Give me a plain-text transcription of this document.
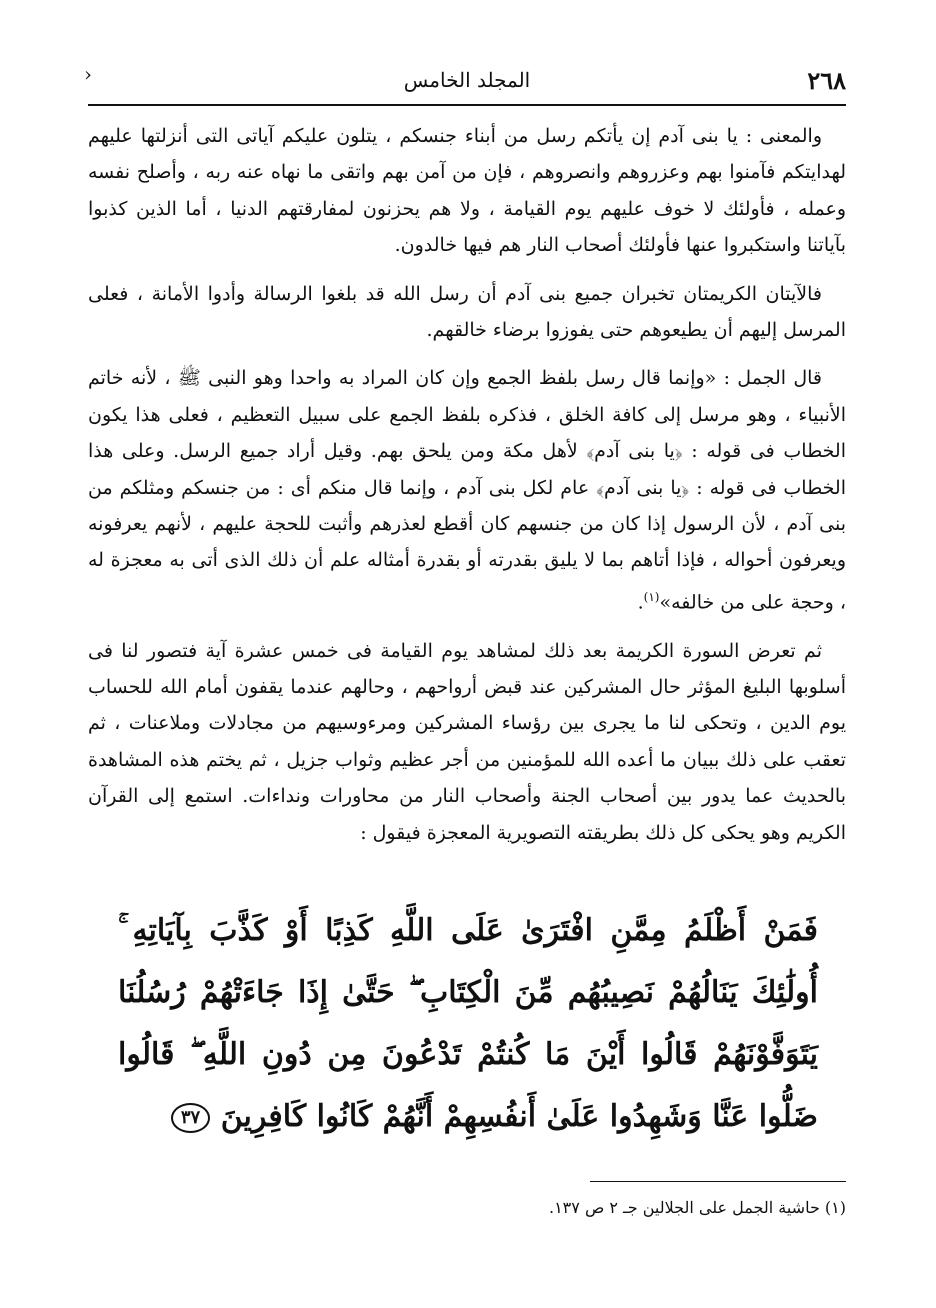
٢٦٨
المجلد الخامس
‹

والمعنى : يا بنى آدم إن يأتكم رسل من أبناء جنسكم ، يتلون عليكم آياتى التى أنزلتها عليهم لهدايتكم فآمنوا بهم وعزروهم وانصروهم ، فإن من آمن بهم واتقى ما نهاه عنه ربه ، وأصلح نفسه وعمله ، فأولئك لا خوف عليهم يوم القيامة ، ولا هم يحزنون لمفارقتهم الدنيا ، أما الذين كذبوا بآياتنا واستكبروا عنها فأولئك أصحاب النار هم فيها خالدون.

فالآيتان الكريمتان تخبران جميع بنى آدم أن رسل الله قد بلغوا الرسالة وأدوا الأمانة ، فعلى المرسل إليهم أن يطيعوهم حتى يفوزوا برضاء خالقهم.

قال الجمل : «وإنما قال رسل بلفظ الجمع وإن كان المراد به واحدا وهو النبى ﷺ ، لأنه خاتم الأنبياء ، وهو مرسل إلى كافة الخلق ، فذكره بلفظ الجمع على سبيل التعظيم ، فعلى هذا يكون الخطاب فى قوله : ﴿يا بنى آدم﴾ لأهل مكة ومن يلحق بهم. وقيل أراد جميع الرسل. وعلى هذا الخطاب فى قوله : ﴿يا بنى آدم﴾ عام لكل بنى آدم ، وإنما قال منكم أى : من جنسكم ومثلكم من بنى آدم ، لأن الرسول إذا كان من جنسهم كان أقطع لعذرهم وأثبت للحجة عليهم ، لأنهم يعرفونه ويعرفون أحواله ، فإذا أتاهم بما لا يليق بقدرته أو بقدرة أمثاله علم أن ذلك الذى أتى به معجزة له ، وحجة على من خالفه»$^{(١)}$.

ثم تعرض السورة الكريمة بعد ذلك لمشاهد يوم القيامة فى خمس عشرة آية فتصور لنا فى أسلوبها البليغ المؤثر حال المشركين عند قبض أرواحهم ، وحالهم عندما يقفون أمام الله للحساب يوم الدين ، وتحكى لنا ما يجرى بين رؤساء المشركين ومرءوسيهم من مجادلات وملاعنات ، ثم تعقب على ذلك ببيان ما أعده الله للمؤمنين من أجر عظيم وثواب جزيل ، ثم يختم هذه المشاهدة بالحديث عما يدور بين أصحاب الجنة وأصحاب النار من محاورات ونداءات. استمع إلى القرآن الكريم وهو يحكى كل ذلك بطريقته التصويرية المعجزة فيقول :

فَمَنْ أَظْلَمُ مِمَّنِ افْتَرَىٰ عَلَى اللَّهِ كَذِبًا أَوْ كَذَّبَ بِآيَاتِهِ ۚ أُولَٰئِكَ يَنَالُهُمْ نَصِيبُهُم مِّنَ الْكِتَابِ ۖ حَتَّىٰ إِذَا جَاءَتْهُمْ رُسُلُنَا يَتَوَفَّوْنَهُمْ قَالُوا أَيْنَ مَا كُنتُمْ تَدْعُونَ مِن دُونِ اللَّهِ ۖ قَالُوا ضَلُّوا عَنَّا وَشَهِدُوا عَلَىٰ أَنفُسِهِمْ أَنَّهُمْ كَانُوا كَافِرِينَ ٣٧

(١) حاشية الجمل على الجلالين جـ ٢ ص ١٣٧.
